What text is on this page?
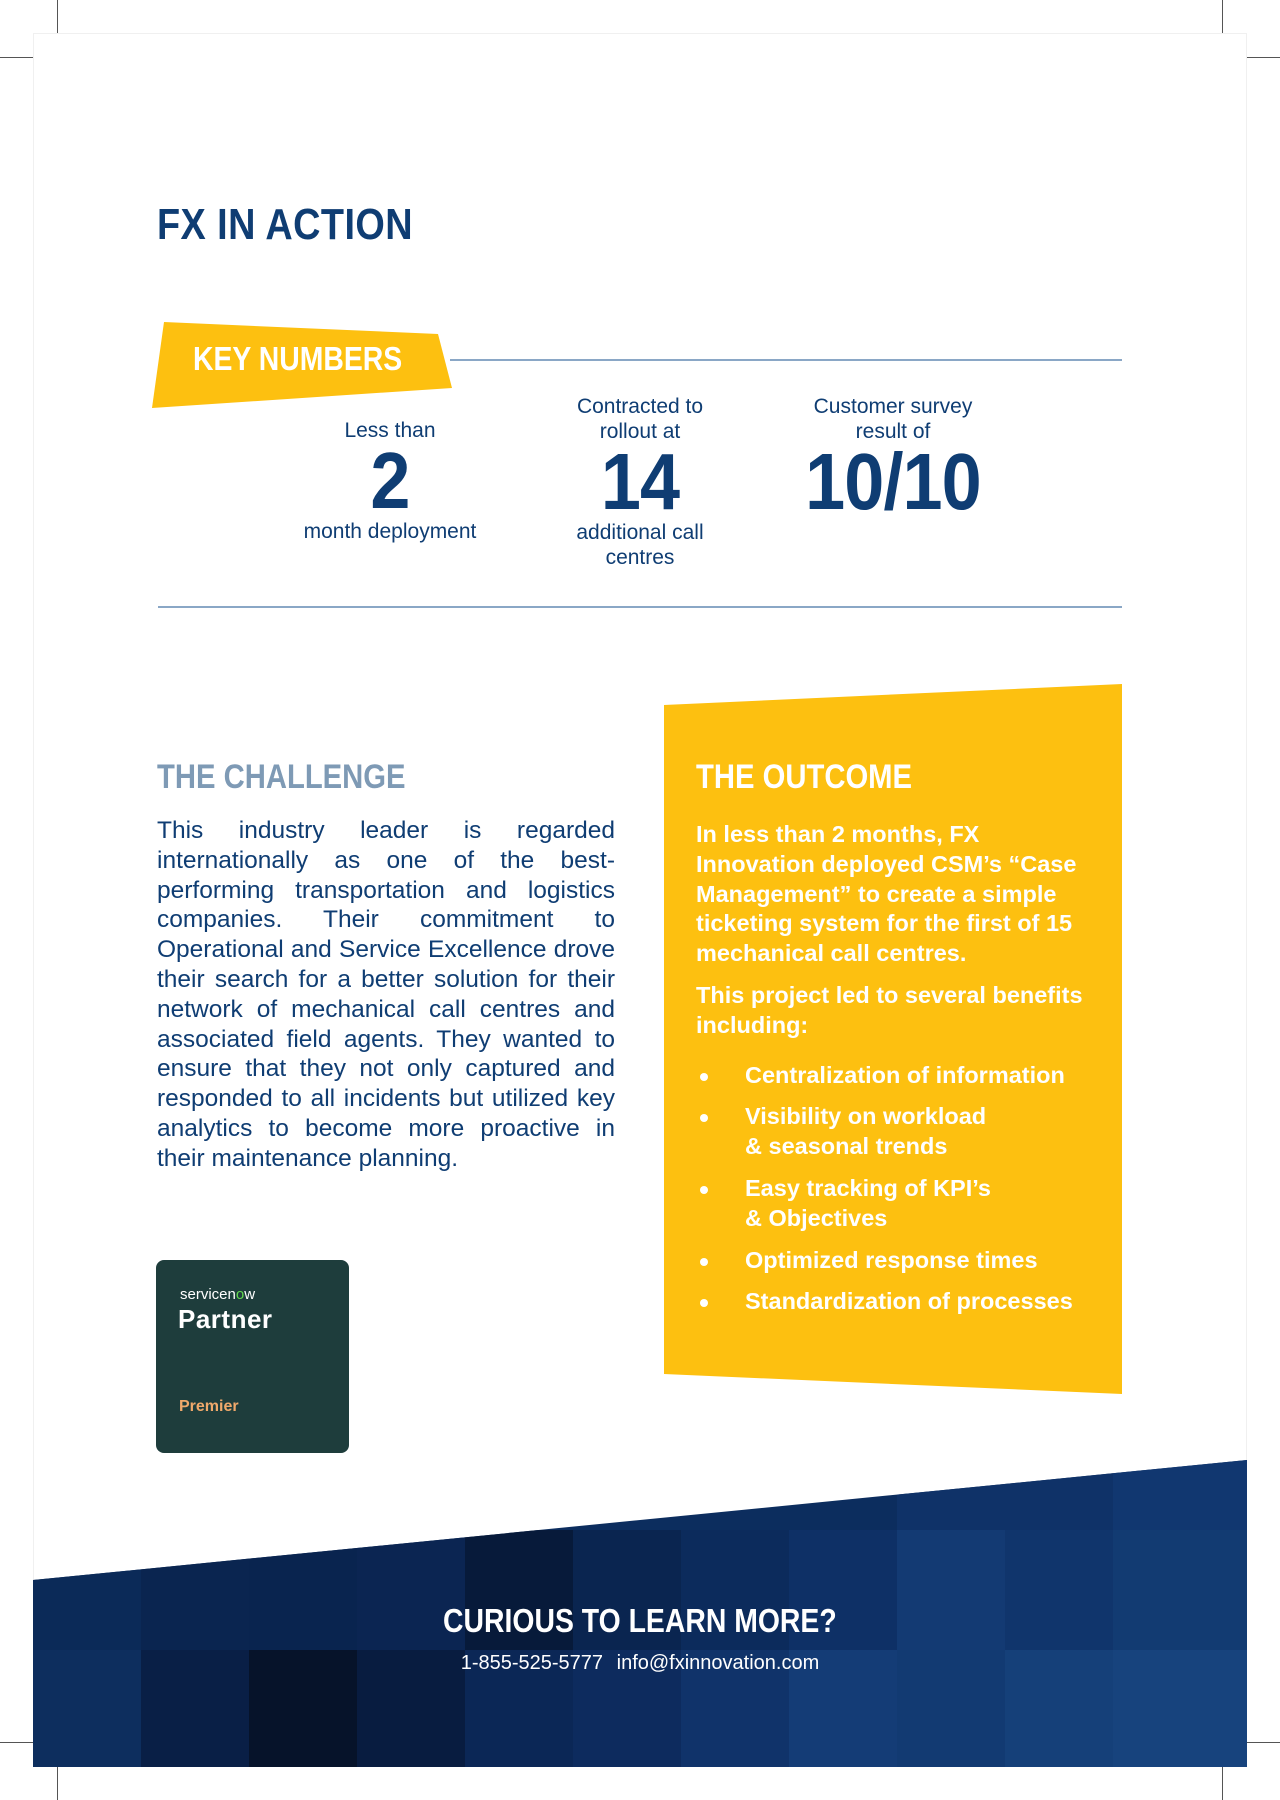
FX IN ACTION
KEY NUMBERS
Less than
2
month deployment
Contracted to rollout at
14
additional call centres
Customer survey result of
10/10
THE CHALLENGE
This industry leader is regarded internationally as one of the best-performing transportation and logistics companies. Their commitment to Operational and Service Excellence drove their search for a better solution for their network of mechanical call centres and associated field agents. They wanted to ensure that they not only captured and responded to all incidents but utilized key analytics to become more proactive in their maintenance planning.
THE OUTCOME
In less than 2 months, FX Innovation deployed CSM’s “Case Management” to create a simple ticketing system for the first of 15 mechanical call centres.
This project led to several benefits including:
Centralization of information
Visibility on workload & seasonal trends
Easy tracking of KPI’s & Objectives
Optimized response times
Standardization of processes
servicenow
Partner
Premier
CURIOUS TO LEARN MORE?
1-855-525-5777 info@fxinnovation.com
